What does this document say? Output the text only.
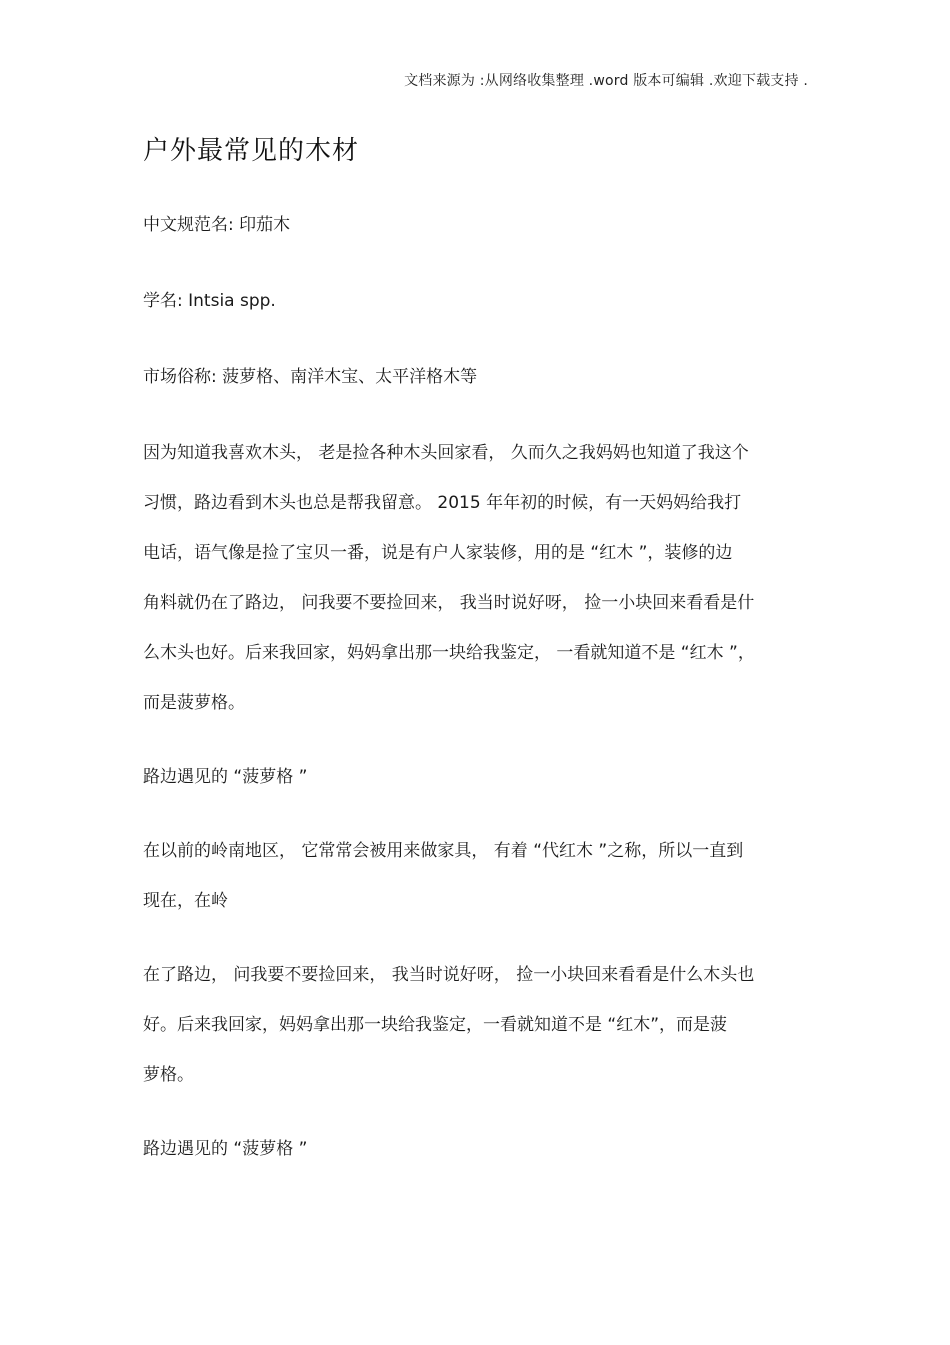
文档来源为 :从网络收集整理 .word 版本可编辑 .欢迎下载支持 .
户外最常见的木材

中文规范名: 印茄木

学名: Intsia spp.

市场俗称: 菠萝格、南洋木宝、太平洋格木等

因为知道我喜欢木头， 老是捡各种木头回家看， 久而久之我妈妈也知道了我这个

习惯，路边看到木头也总是帮我留意。 2015 年年初的时候，有一天妈妈给我打

电话，语气像是捡了宝贝一番，说是有户人家装修，用的是 “红木 ”，装修的边

角料就仍在了路边， 问我要不要捡回来， 我当时说好呀， 捡一小块回来看看是什

么木头也好。后来我回家，妈妈拿出那一块给我鉴定， 一看就知道不是 “红木 ”，

而是菠萝格。

路边遇见的 “菠萝格 ”

在以前的岭南地区， 它常常会被用来做家具， 有着 “代红木 ”之称，所以一直到

现在，在岭

在了路边， 问我要不要捡回来， 我当时说好呀， 捡一小块回来看看是什么木头也

好。后来我回家，妈妈拿出那一块给我鉴定，一看就知道不是 “红木”，而是菠

萝格。

路边遇见的 “菠萝格 ”
